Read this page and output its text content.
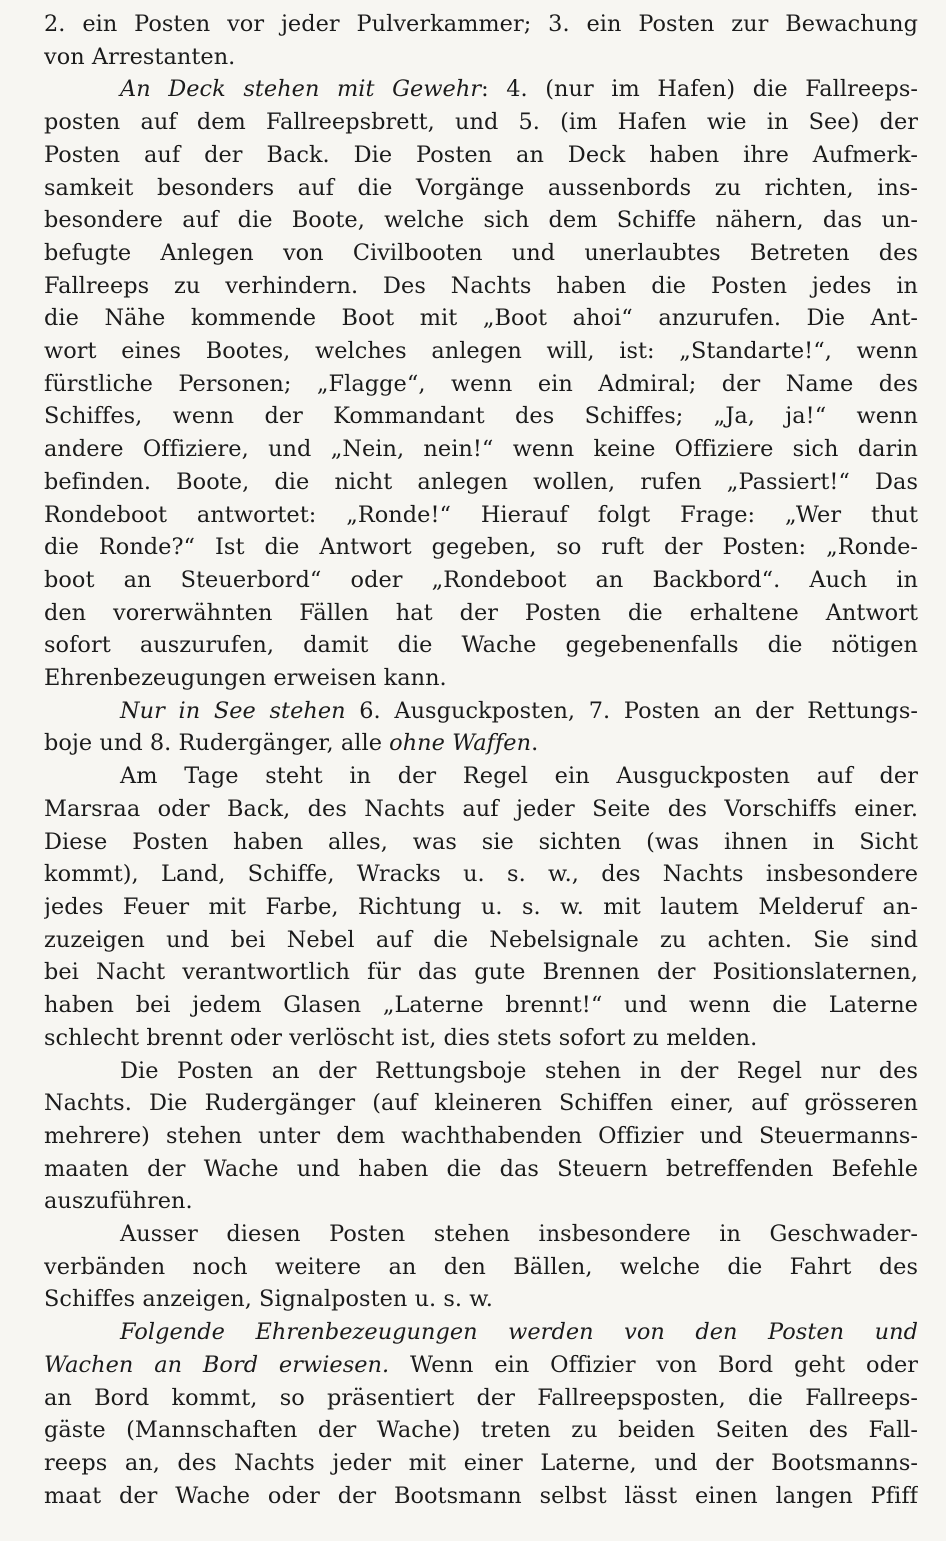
2. ein Posten vor jeder Pulverkammer; 3. ein Posten zur Bewachung
von Arrestanten.
An Deck stehen mit Gewehr: 4. (nur im Hafen) die Fallreeps-
posten auf dem Fallreepsbrett, und 5. (im Hafen wie in See) der
Posten auf der Back. Die Posten an Deck haben ihre Aufmerk-
samkeit besonders auf die Vorgänge aussenbords zu richten, ins-
besondere auf die Boote, welche sich dem Schiffe nähern, das un-
befugte Anlegen von Civilbooten und unerlaubtes Betreten des
Fallreeps zu verhindern. Des Nachts haben die Posten jedes in
die Nähe kommende Boot mit „Boot ahoi“ anzurufen. Die Ant-
wort eines Bootes, welches anlegen will, ist: „Standarte!“, wenn
fürstliche Personen; „Flagge“, wenn ein Admiral; der Name des
Schiffes, wenn der Kommandant des Schiffes; „Ja, ja!“ wenn
andere Offiziere, und „Nein, nein!“ wenn keine Offiziere sich darin
befinden. Boote, die nicht anlegen wollen, rufen „Passiert!“ Das
Rondeboot antwortet: „Ronde!“ Hierauf folgt Frage: „Wer thut
die Ronde?“ Ist die Antwort gegeben, so ruft der Posten: „Ronde-
boot an Steuerbord“ oder „Rondeboot an Backbord“. Auch in
den vorerwähnten Fällen hat der Posten die erhaltene Antwort
sofort auszurufen, damit die Wache gegebenenfalls die nötigen
Ehrenbezeugungen erweisen kann.
Nur in See stehen 6. Ausguckposten, 7. Posten an der Rettungs-
boje und 8. Rudergänger, alle ohne Waffen.
Am Tage steht in der Regel ein Ausguckposten auf der
Marsraa oder Back, des Nachts auf jeder Seite des Vorschiffs einer.
Diese Posten haben alles, was sie sichten (was ihnen in Sicht
kommt), Land, Schiffe, Wracks u. s. w., des Nachts insbesondere
jedes Feuer mit Farbe, Richtung u. s. w. mit lautem Melderuf an-
zuzeigen und bei Nebel auf die Nebelsignale zu achten. Sie sind
bei Nacht verantwortlich für das gute Brennen der Positionslaternen,
haben bei jedem Glasen „Laterne brennt!“ und wenn die Laterne
schlecht brennt oder verlöscht ist, dies stets sofort zu melden.
Die Posten an der Rettungsboje stehen in der Regel nur des
Nachts. Die Rudergänger (auf kleineren Schiffen einer, auf grösseren
mehrere) stehen unter dem wachthabenden Offizier und Steuermanns-
maaten der Wache und haben die das Steuern betreffenden Befehle
auszuführen.
Ausser diesen Posten stehen insbesondere in Geschwader-
verbänden noch weitere an den Bällen, welche die Fahrt des
Schiffes anzeigen, Signalposten u. s. w.
Folgende Ehrenbezeugungen werden von den Posten und
Wachen an Bord erwiesen. Wenn ein Offizier von Bord geht oder
an Bord kommt, so präsentiert der Fallreepsposten, die Fallreeps-
gäste (Mannschaften der Wache) treten zu beiden Seiten des Fall-
reeps an, des Nachts jeder mit einer Laterne, und der Bootsmanns-
maat der Wache oder der Bootsmann selbst lässt einen langen Pfiff
